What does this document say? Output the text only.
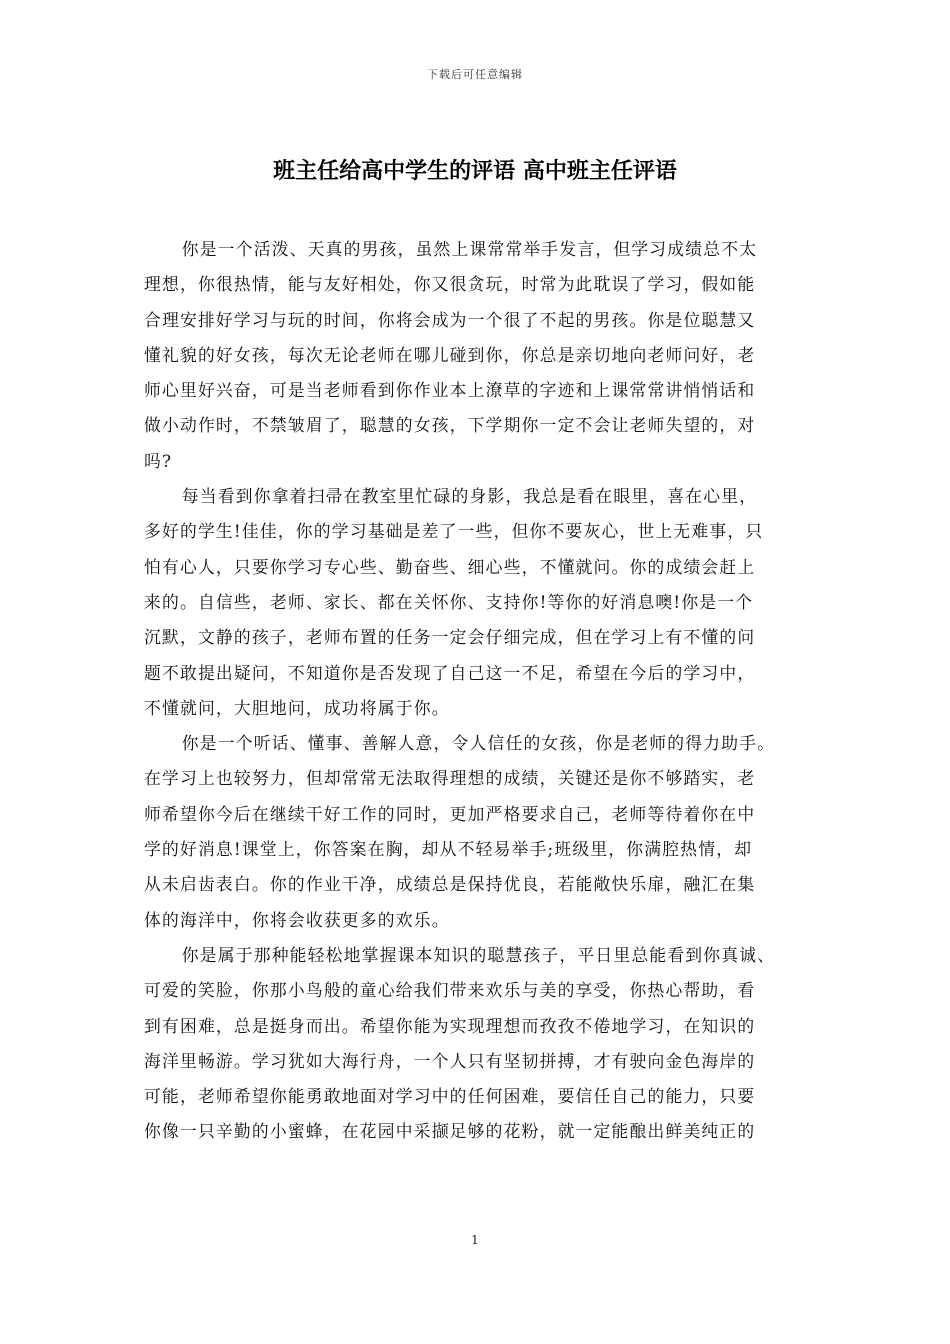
下载后可任意编辑
班主任给高中学生的评语 高中班主任评语

你是一个活泼、天真的男孩，虽然上课常常举手发言，但学习成绩总不太
理想，你很热情，能与友好相处，你又很贪玩，时常为此耽误了学习，假如能
合理安排好学习与玩的时间，你将会成为一个很了不起的男孩。你是位聪慧又
懂礼貌的好女孩，每次无论老师在哪儿碰到你，你总是亲切地向老师问好，老
师心里好兴奋，可是当老师看到你作业本上潦草的字迹和上课常常讲悄悄话和
做小动作时，不禁皱眉了，聪慧的女孩，下学期你一定不会让老师失望的，对
吗?

每当看到你拿着扫帚在教室里忙碌的身影，我总是看在眼里，喜在心里，
多好的学生!佳佳，你的学习基础是差了一些，但你不要灰心，世上无难事，只
怕有心人，只要你学习专心些、勤奋些、细心些，不懂就问。你的成绩会赶上
来的。自信些，老师、家长、都在关怀你、支持你!等你的好消息噢!你是一个
沉默，文静的孩子，老师布置的任务一定会仔细完成，但在学习上有不懂的问
题不敢提出疑问，不知道你是否发现了自己这一不足，希望在今后的学习中，
不懂就问，大胆地问，成功将属于你。

你是一个听话、懂事、善解人意，令人信任的女孩，你是老师的得力助手。
在学习上也较努力，但却常常无法取得理想的成绩，关键还是你不够踏实，老
师希望你今后在继续干好工作的同时，更加严格要求自己，老师等待着你在中
学的好消息!课堂上，你答案在胸，却从不轻易举手;班级里，你满腔热情，却
从未启齿表白。你的作业干净，成绩总是保持优良，若能敞快乐扉，融汇在集
体的海洋中，你将会收获更多的欢乐。

你是属于那种能轻松地掌握课本知识的聪慧孩子，平日里总能看到你真诚、
可爱的笑脸，你那小鸟般的童心给我们带来欢乐与美的享受，你热心帮助，看
到有困难，总是挺身而出。希望你能为实现理想而孜孜不倦地学习，在知识的
海洋里畅游。学习犹如大海行舟，一个人只有坚韧拼搏，才有驶向金色海岸的
可能，老师希望你能勇敢地面对学习中的任何困难，要信任自己的能力，只要
你像一只辛勤的小蜜蜂，在花园中采撷足够的花粉，就一定能酿出鲜美纯正的

1
